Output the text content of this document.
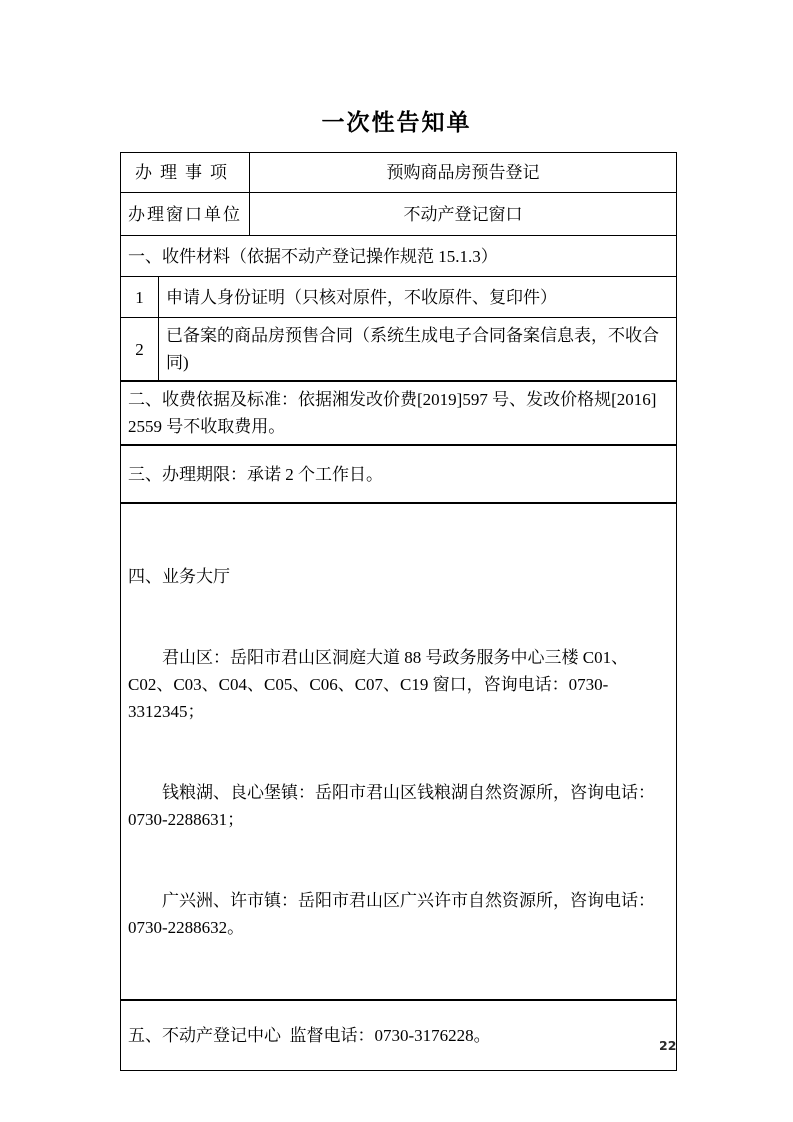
一次性告知单
办理事项		预购商品房预告登记
办理窗口单位		不动产登记窗口
一、收件材料（依据不动产登记操作规范 15.1.3）		
1	申请人身份证明（只核对原件，不收原件、复印件）	
2	已备案的商品房预售合同（系统生成电子合同备案信息表，不收合同)	
二、收费依据及标准：依据湘发改价费[2019]597 号、发改价格规[2016] 2559 号不收取费用。		
三、办理期限：承诺 2 个工作日。		

四、业务大厅

君山区：岳阳市君山区洞庭大道 88 号政务服务中心三楼 C01、C02、C03、C04、C05、C06、C07、C19 窗口，咨询电话：0730-3312345；

钱粮湖、良心堡镇：岳阳市君山区钱粮湖自然资源所，咨询电话：0730-2288631；

广兴洲、许市镇：岳阳市君山区广兴许市自然资源所，咨询电话：0730-2288632。		

五、不动产登记中心  监督电话：0730-3176228。		
22
